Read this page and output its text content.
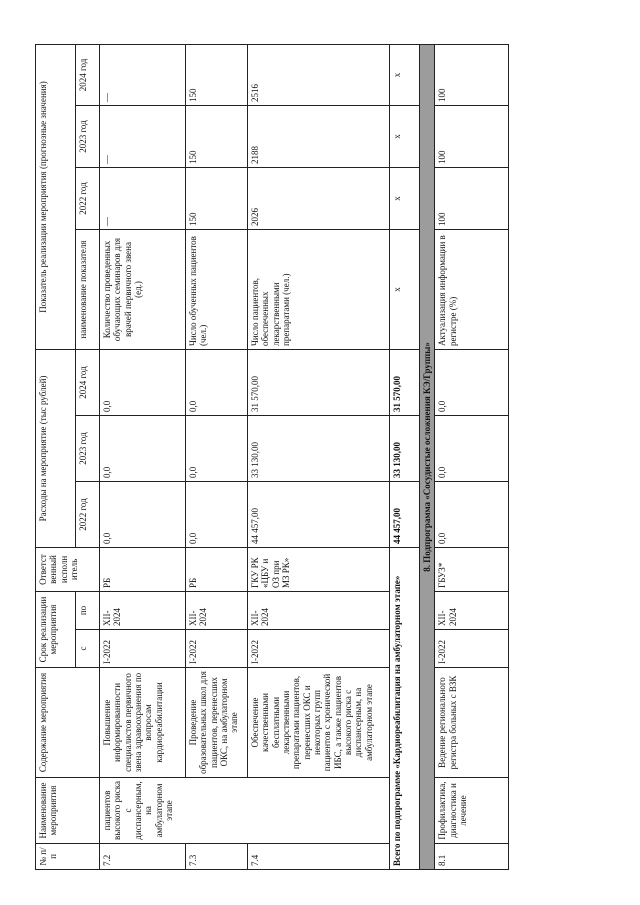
№ п/п	Наименование мероприятия	Содержание мероприятия	Срок реализации мероприятия		Ответст венный исполн итель	Расходы на мероприятие (тыс рублей)			Показатель реализации мероприятия (прогнозные значения)			
			с	по		2022 год	2023 год	2024 год	наименование показателя	2022 год	2023 год	2024 год
7.2	пациентов высокого риска с диспансерным, на амбулаторном этапе	Повышение информированности специалистов первичного звена здравоохранения по вопросам кардиореабилитации	I-2022	XII-2024	РБ	0,0	0,0	0,0	Количество проведенных обучающих семинаров для врачей первичного звена (ед.)	—	—	—
7.3		Проведение образовательных школ для пациентов, перенесших ОКС, на амбулаторном этапе	I-2022	XII-2024	РБ	0,0	0,0	0,0	Число обученных пациентов (чел.)	150	150	150
7.4		Обеспечение качественными бесплатными лекарственными препаратами пациентов, перенесших ОКС и некоторых групп пациентов с хронической ИБС, а также пациентов высокого риска с диспансерным, на амбулаторном этапе	I-2022	XII-2024	ГКУ РК «ЦБУ и ОЗ при МЗ РК»	44 457,00	33 130,00	31 570,00	Число пациентов, обеспеченных лекарственными препаратами (чел.)	2026	2188	2516
Всего по подпрограмме «Кардиореабилитация на амбулаторном этапе»						44 457,00	33 130,00	31 570,00	х	х	х	х
8. Подпрограмма «Сосудистые осложнения КЭ/Группы»												
8.1	Профилактика, диагностика и лечение	Ведение регионального регистра больных с ВЗК	I-2022	XII-2024	ГБУЗ*	0,0	0,0	0,0	Актуализация информации в регистре (%)	100	100	100
